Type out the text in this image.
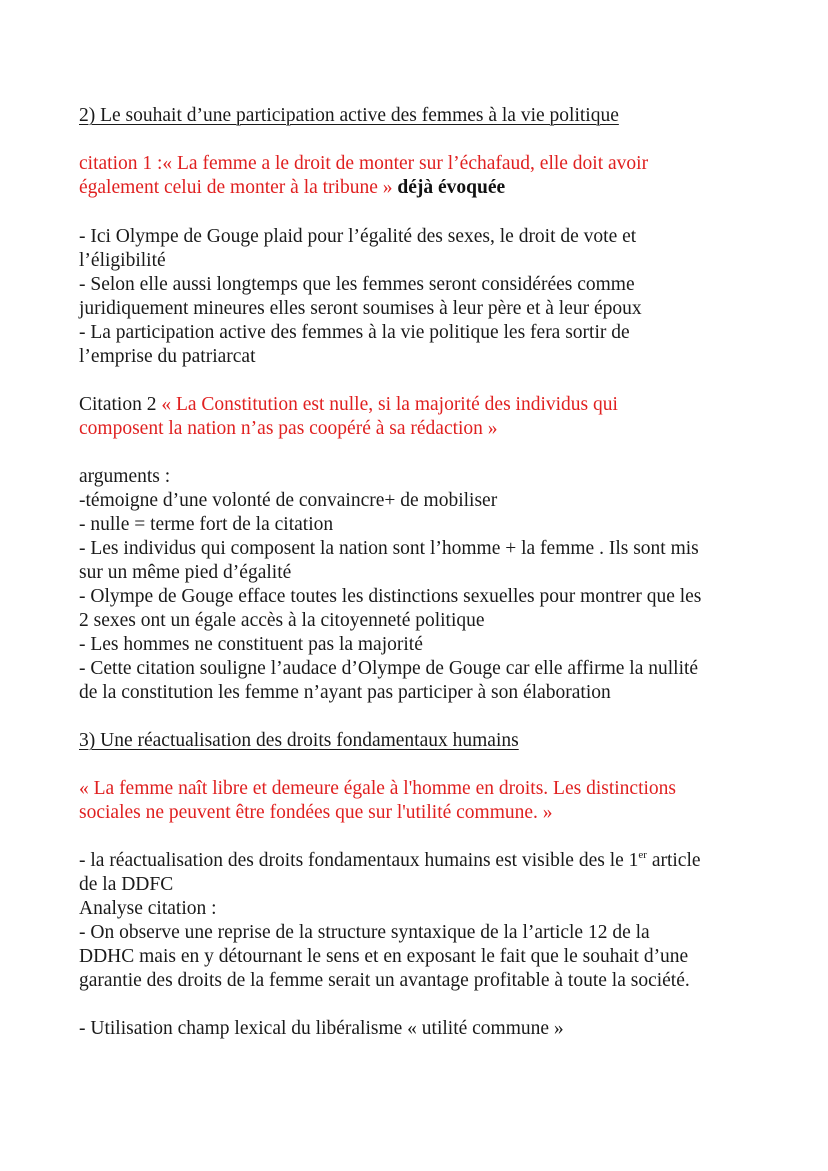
2) Le souhait d’une participation active des femmes à la vie politique
citation 1 :« La femme a le droit de monter sur l’échafaud, elle doit avoir
également celui de monter à la tribune » déjà évoquée
- Ici Olympe de Gouge plaid pour l’égalité des sexes, le droit de vote et
l’éligibilité
- Selon elle aussi longtemps que les femmes seront considérées comme
juridiquement mineures elles seront soumises à leur père et à leur époux
- La participation active des femmes à la vie politique les fera sortir de
l’emprise du patriarcat
Citation 2 « La Constitution est nulle, si la majorité des individus qui
composent la nation n’as pas coopéré à sa rédaction »
arguments :
-témoigne d’une volonté de convaincre+ de mobiliser
- nulle = terme fort de la citation
- Les individus qui composent la nation sont l’homme + la femme . Ils sont mis
sur un même pied d’égalité
- Olympe de Gouge efface toutes les distinctions sexuelles pour montrer que les
2 sexes ont un égale accès à la citoyenneté politique
- Les hommes ne constituent pas la majorité
- Cette citation souligne l’audace d’Olympe de Gouge car elle affirme la nullité
de la constitution les femme n’ayant pas participer à son élaboration
3) Une réactualisation des droits fondamentaux humains
« La femme naît libre et demeure égale à l'homme en droits. Les distinctions
sociales ne peuvent être fondées que sur l'utilité commune. »
- la réactualisation des droits fondamentaux humains est visible des le 1er article
de la DDFC
Analyse citation :
- On observe une reprise de la structure syntaxique de la l’article 12 de la
DDHC mais en y détournant le sens et en exposant le fait que le souhait d’une
garantie des droits de la femme serait un avantage profitable à toute la société.
- Utilisation champ lexical du libéralisme « utilité commune »
